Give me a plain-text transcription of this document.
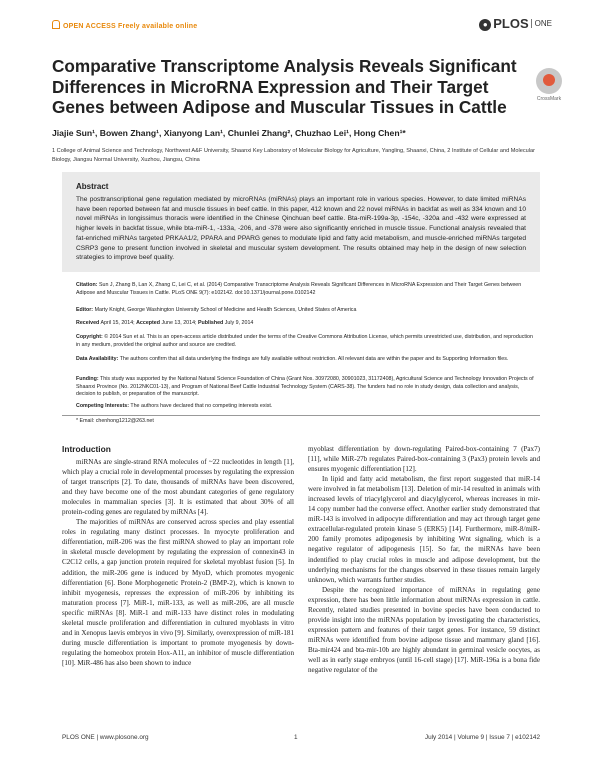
OPEN ACCESS Freely available online	● PLOS ONE
Comparative Transcriptome Analysis Reveals Significant Differences in MicroRNA Expression and Their Target Genes between Adipose and Muscular Tissues in Cattle	CrossMark
Jiajie Sun¹, Bowen Zhang¹, Xianyong Lan¹, Chunlei Zhang², Chuzhao Lei¹, Hong Chen¹*
1 College of Animal Science and Technology, Northwest A&F University, Shaanxi Key Laboratory of Molecular Biology for Agriculture, Yangling, Shaanxi, China, 2 Institute of Cellular and Molecular Biology, Jiangsu Normal University, Xuzhou, Jiangsu, China
Abstract
The posttranscriptional gene regulation mediated by microRNAs (miRNAs) plays an important role in various species. However, to date limited miRNAs have been reported between fat and muscle tissues in beef cattle. In this paper, 412 known and 22 novel miRNAs in backfat as well as 334 known and 10 novel miRNAs in longissimus thoracis were identified in the Chinese Qinchuan beef cattle. Bta-miR-199a-3p, -154c, -320a and -432 were expressed at higher levels in backfat tissue, while bta-miR-1, -133a, -206, and -378 were also significantly enriched in muscle tissue. Functional analysis revealed that fat-enriched miRNAs targeted PRKAA1/2, PPARA and PPARG genes to modulate lipid and fatty acid metabolism, and muscle-enriched miRNAs targeted CSRP3 gene to present function involved in skeletal and muscular system development. The results obtained may help in the design of new selection strategies to improve beef quality.
Citation: Sun J, Zhang B, Lan X, Zhang C, Lei C, et al. (2014) Comparative Transcriptome Analysis Reveals Significant Differences in MicroRNA Expression and Their Target Genes between Adipose and Muscular Tissues in Cattle. PLoS ONE 9(7): e102142. doi:10.1371/journal.pone.0102142
Editor: Marty Knight, George Washington University School of Medicine and Health Sciences, United States of America
Received April 15, 2014; Accepted June 13, 2014; Published July 9, 2014
Copyright: © 2014 Sun et al. This is an open-access article distributed under the terms of the Creative Commons Attribution License, which permits unrestricted use, distribution, and reproduction in any medium, provided the original author and source are credited.
Data Availability: The authors confirm that all data underlying the findings are fully available without restriction. All relevant data are within the paper and its Supporting Information files.
Funding: This study was supported by the National Natural Science Foundation of China (Grant Nos. 30972080, 30901023, 31172408), Agricultural Science and Technology Innovation Projects of Shaanxi Province (No. 2012NKC01-13), and Program of National Beef Cattle Industrial Technology System (CARS-38). The funders had no role in study design, data collection and analysis, decision to publish, or preparation of the manuscript.
Competing Interests: The authors have declared that no competing interests exist.
* Email: chenhong1212@263.net
Introduction

miRNAs are single-strand RNA molecules of ~22 nucleotides in length [1], which play a crucial role in developmental processes by regulating the expression of target transcripts [2]. To date, thousands of miRNAs have been discovered, and they have become one of the most abundant categories of gene regulatory molecules in mammalian species [3]. It is estimated that about 30% of all protein-coding genes are regulated by miRNAs [4].

The majorities of miRNAs are conserved across species and play essential roles in regulating many distinct processes. In myocyte proliferation and differentiation, miR-206 was the first miRNA showed to play an important role in skeletal muscle development by regulating the expression of connexin43 in C2C12 cells, a gap junction protein required for skeletal myoblast fusion [5]. In addition, the miR-206 gene is induced by MyoD, which promotes myogenic differentiation [6]. Bone Morphogenetic Protein-2 (BMP-2), which is known to inhibit myogenesis, represses the expression of miR-206 by inhibiting its maturation process [7]. MiR-1, miR-133, as well as miR-206, are all muscle specific miRNAs [8]. MiR-1 and miR-133 have distinct roles in modulating skeletal muscle proliferation and differentiation in cultured myoblasts in vitro and in Xenopus laevis embryos in vivo [9]. Similarly, overexpression of miR-181 during muscle differentiation is important to promote myogenesis by down-regulating the homeobox protein Hox-A11, an inhibitor of muscle differentiation [10]. MiR-486 has also been shown to induce

myoblast differentiation by down-regulating Paired-box-containing 7 (Pax7) [11], while MiR-27b regulates Paired-box-containing 3 (Pax3) protein levels and ensures myogenic differentiation [12].

In lipid and fatty acid metabolism, the first report suggested that miR-14 were involved in fat metabolism [13]. Deletion of mir-14 resulted in animals with increased levels of triacylglycerol and diacylglycerol, whereas increases in mir-14 copy number had the converse effect. Another earlier study demonstrated that miR-143 is involved in adipocyte differentiation and may act through target gene extracellular-regulated protein kinase 5 (ERK5) [14]. Furthermore, miR-8/miR-200 family promotes adipogenesis by inhibiting Wnt signaling, which is a negative regulator of adipogenesis [15]. So far, the miRNAs have been indentified to play crucial roles in muscle and adipose development, but the underlying mechanisms for the changes observed in these tissues remain largely unknown, which warrants further studies.

Despite the recognized importance of miRNAs in regulating gene expression, there has been little information about miRNAs expression in cattle. Recently, related studies presented in bovine species have been conducted to provide insight into the miRNAs population by investigating the characteristics, expression pattern and features of their target genes. For instance, 59 distinct miRNAs were identified from bovine adipose tissue and mammary gland [16]. Bta-mir424 and bta-mir-10b are highly abundant in germinal vesicle oocytes, as well as in early stage embryos (until 16-cell stage) [17]. MiR-196a is a bona fide negative regulator of the

PLOS ONE | www.plosone.org	1	July 2014 | Volume 9 | Issue 7 | e102142
